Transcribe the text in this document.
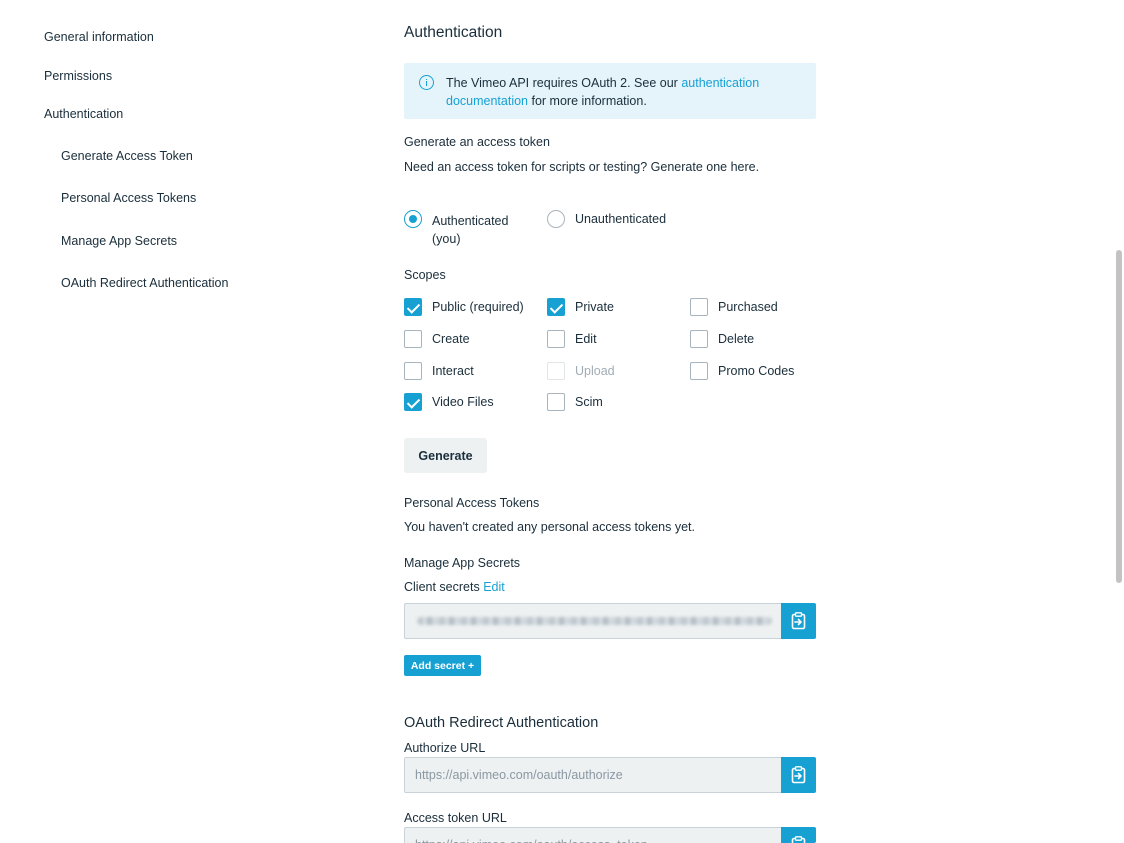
General information
Permissions
Authentication
Generate Access Token
Personal Access Tokens
Manage App Secrets
OAuth Redirect Authentication
Authentication
The Vimeo API requires OAuth 2. See our authentication documentation for more information.
Generate an access token
Need an access token for scripts or testing? Generate one here.
Authenticated (you)
Unauthenticated
Scopes
Public (required)	Private	Purchased
Create	Edit	Delete
Interact	Upload	Promo Codes
Video Files	Scim
Generate
Personal Access Tokens
You haven't created any personal access tokens yet.
Manage App Secrets
Client secrets Edit
Add secret +
OAuth Redirect Authentication
Authorize URL
https://api.vimeo.com/oauth/authorize
Access token URL
https://api.vimeo.com/oauth/access_token
